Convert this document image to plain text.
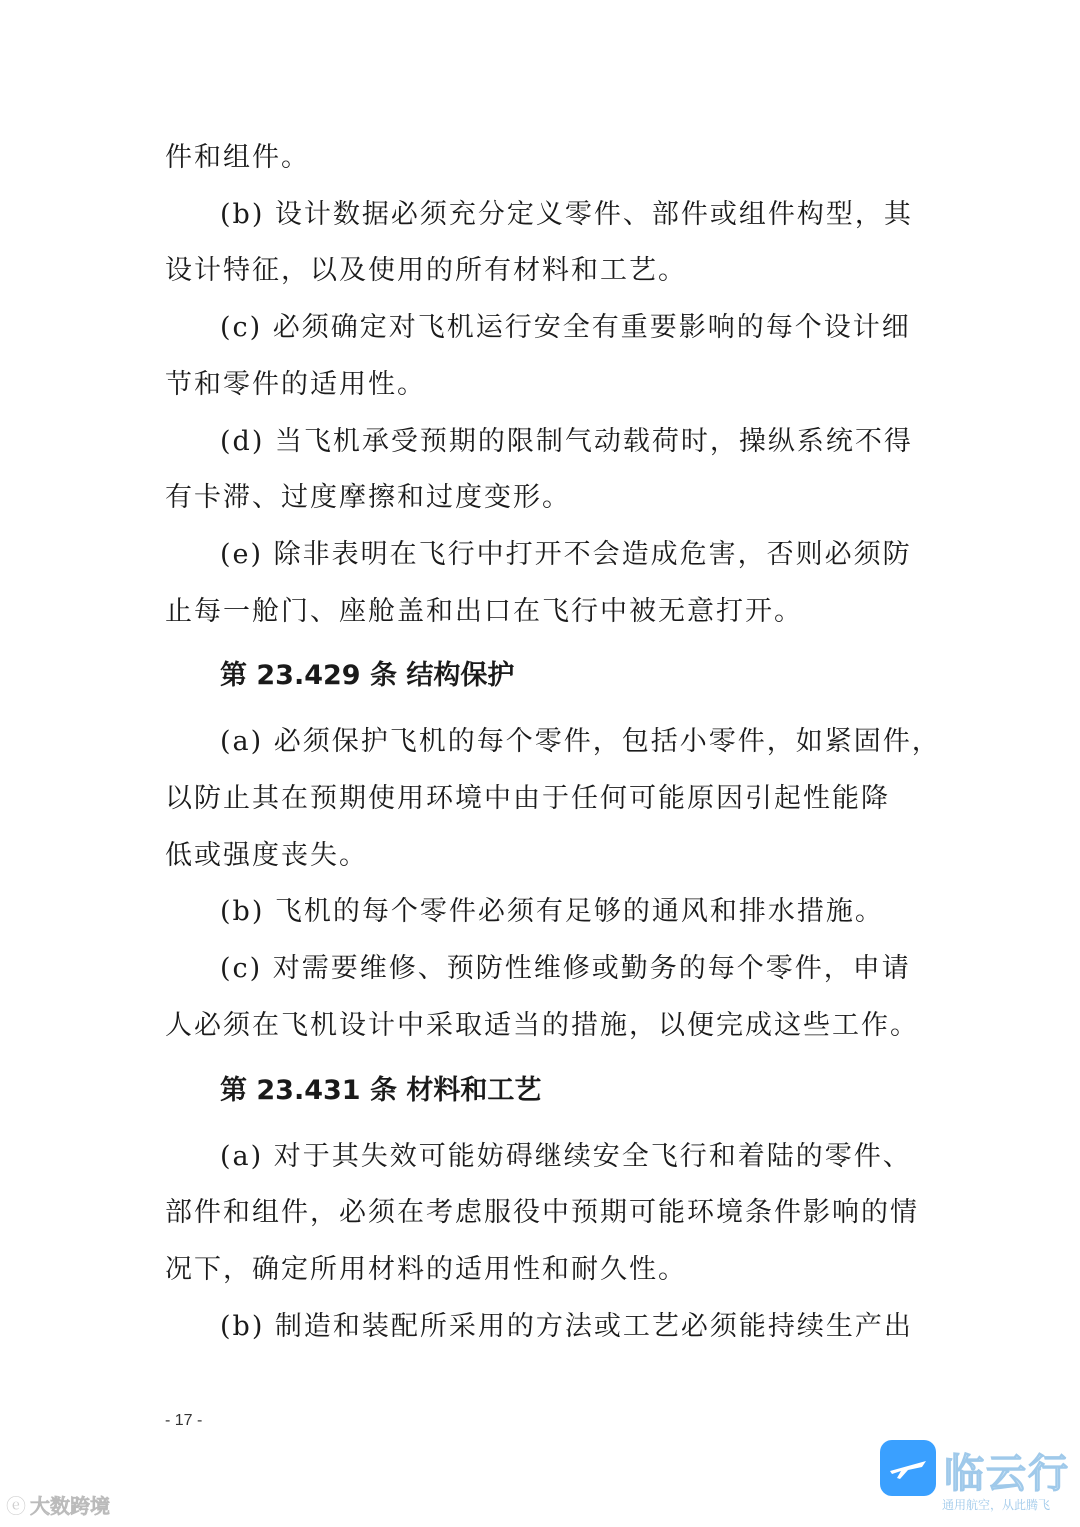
件和组件。
(b) 设计数据必须充分定义零件、部件或组件构型，其
设计特征，以及使用的所有材料和工艺。
(c) 必须确定对飞机运行安全有重要影响的每个设计细
节和零件的适用性。
(d) 当飞机承受预期的限制气动载荷时，操纵系统不得
有卡滞、过度摩擦和过度变形。
(e) 除非表明在飞行中打开不会造成危害，否则必须防
止每一舱门、座舱盖和出口在飞行中被无意打开。
第 23.429 条 结构保护
(a) 必须保护飞机的每个零件，包括小零件，如紧固件，
以防止其在预期使用环境中由于任何可能原因引起性能降
低或强度丧失。
(b) 飞机的每个零件必须有足够的通风和排水措施。
(c) 对需要维修、预防性维修或勤务的每个零件，申请
人必须在飞机设计中采取适当的措施，以便完成这些工作。
第 23.431 条 材料和工艺
(a) 对于其失效可能妨碍继续安全飞行和着陆的零件、
部件和组件，必须在考虑服役中预期可能环境条件影响的情
况下，确定所用材料的适用性和耐久性。
(b) 制造和装配所采用的方法或工艺必须能持续生产出
- 17 -
ⓔ 大数跨境
临云行
通用航空，从此腾飞
